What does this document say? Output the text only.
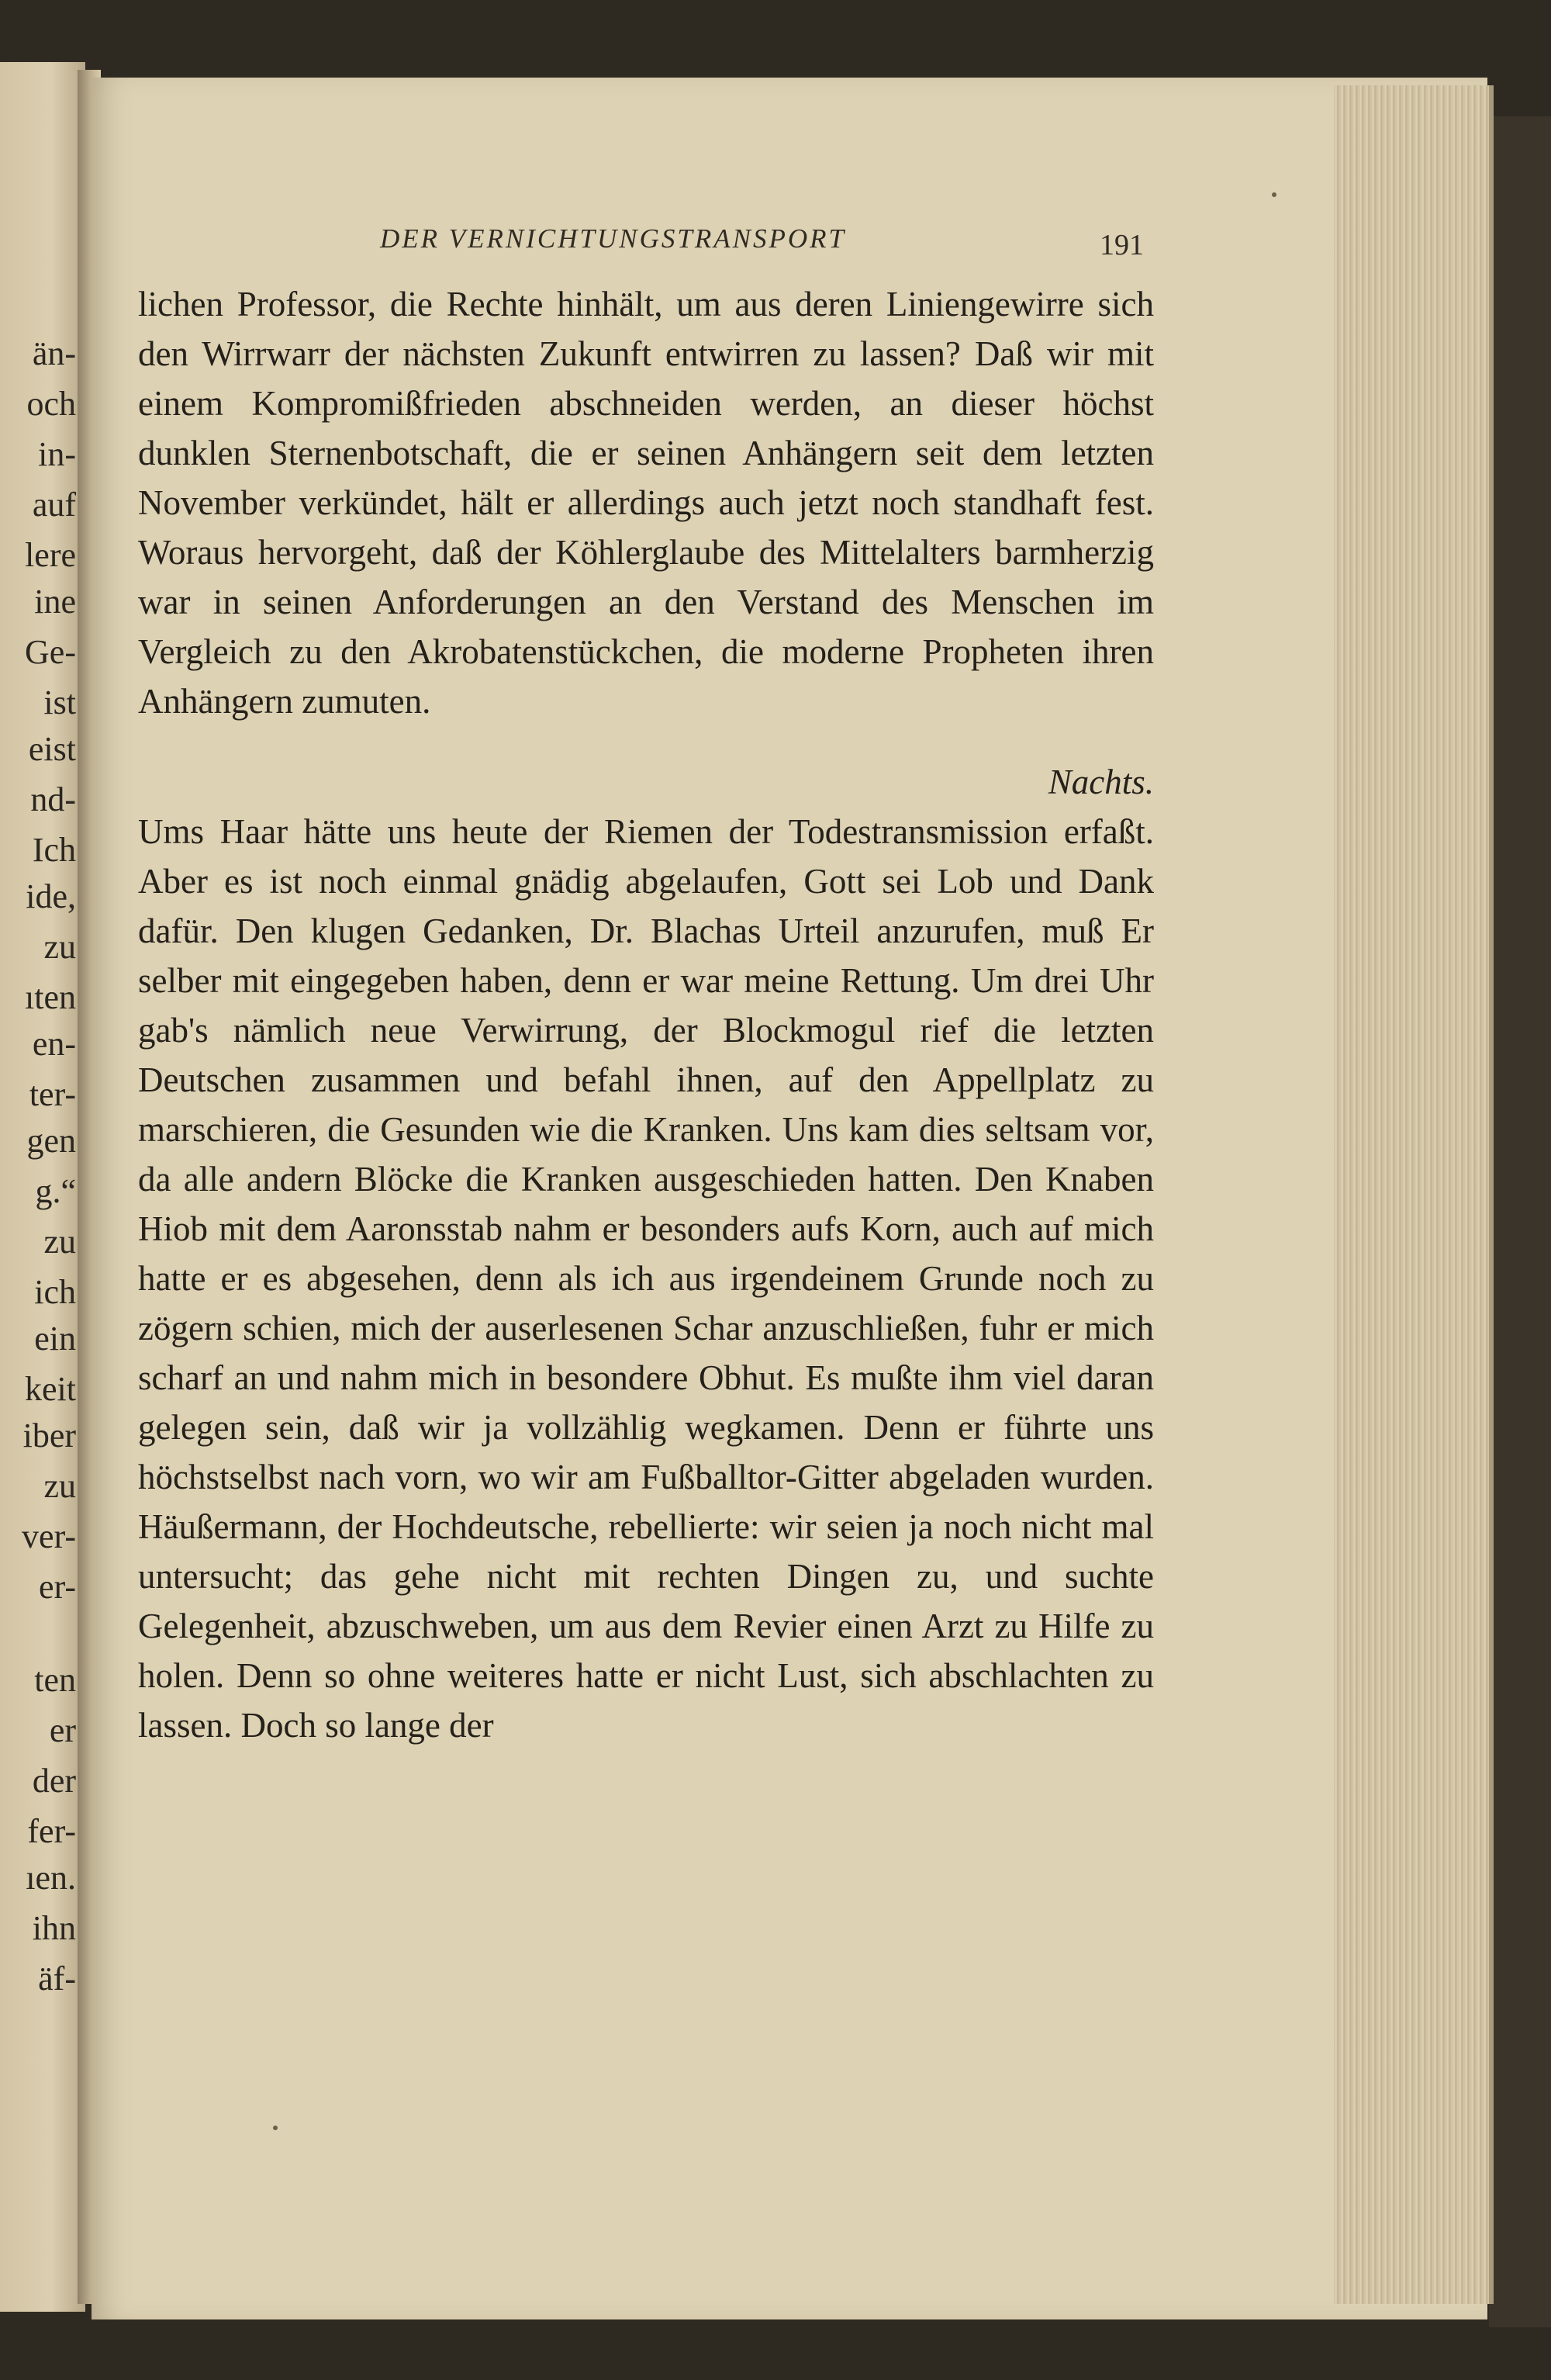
än-

och

in-

auf

lere

ine

Ge-

ist

eist

nd-

Ich

ide,

zu

ıten

en-

ter-

gen

g.“

zu

ich

ein

keit

iber

zu

ver-

er-

ten

er

der

fer-

ıen.

ihn

äf-

DER VERNICHTUNGSTRANSPORT	191

lichen Professor, die Rechte hinhält, um aus deren Liniengewirre sich den Wirrwarr der nächsten Zukunft entwirren zu lassen? Daß wir mit einem Kompromißfrieden abschneiden werden, an dieser höchst dunklen Sternenbotschaft, die er seinen Anhängern seit dem letzten November verkündet, hält er allerdings auch jetzt noch standhaft fest. Woraus hervorgeht, daß der Köhlerglaube des Mittelalters barmherzig war in seinen Anforderungen an den Verstand des Menschen im Vergleich zu den Akrobatenstückchen, die moderne Propheten ihren Anhängern zumuten.

Nachts.

Ums Haar hätte uns heute der Riemen der Todestransmission erfaßt. Aber es ist noch einmal gnädig abgelaufen, Gott sei Lob und Dank dafür. Den klugen Gedanken, Dr. Blachas Urteil anzurufen, muß Er selber mit eingegeben haben, denn er war meine Rettung. Um drei Uhr gab's nämlich neue Verwirrung, der Blockmogul rief die letzten Deutschen zusammen und befahl ihnen, auf den Appellplatz zu marschieren, die Gesunden wie die Kranken. Uns kam dies seltsam vor, da alle andern Blöcke die Kranken ausgeschieden hatten. Den Knaben Hiob mit dem Aaronsstab nahm er besonders aufs Korn, auch auf mich hatte er es abgesehen, denn als ich aus irgendeinem Grunde noch zu zögern schien, mich der auserlesenen Schar anzuschließen, fuhr er mich scharf an und nahm mich in besondere Obhut. Es mußte ihm viel daran gelegen sein, daß wir ja vollzählig wegkamen. Denn er führte uns höchstselbst nach vorn, wo wir am Fußballtor-Gitter abgeladen wurden. Häußermann, der Hochdeutsche, rebellierte: wir seien ja noch nicht mal untersucht; das gehe nicht mit rechten Dingen zu, und suchte Gelegenheit, abzuschweben, um aus dem Revier einen Arzt zu Hilfe zu holen. Denn so ohne weiteres hatte er nicht Lust, sich abschlachten zu lassen. Doch so lange der
